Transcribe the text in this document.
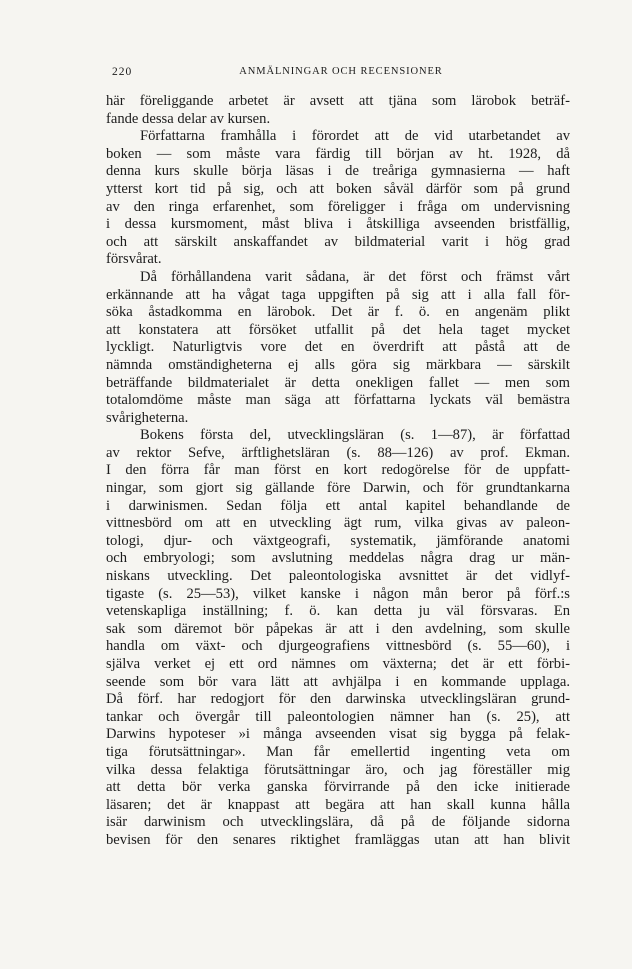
220	ANMÄLNINGAR OCH RECENSIONER
här föreliggande arbetet är avsett att tjäna som lärobok beträf-
fande dessa delar av kursen.
Författarna framhålla i förordet att de vid utarbetandet av
boken — som måste vara färdig till början av ht. 1928, då
denna kurs skulle börja läsas i de treåriga gymnasierna — haft
ytterst kort tid på sig, och att boken såväl därför som på grund
av den ringa erfarenhet, som föreligger i fråga om undervisning
i dessa kursmoment, måst bliva i åtskilliga avseenden bristfällig,
och att särskilt anskaffandet av bildmaterial varit i hög grad
försvårat.
Då förhållandena varit sådana, är det först och främst vårt
erkännande att ha vågat taga uppgiften på sig att i alla fall för-
söka åstadkomma en lärobok. Det är f. ö. en angenäm plikt
att konstatera att försöket utfallit på det hela taget mycket
lyckligt. Naturligtvis vore det en överdrift att påstå att de
nämnda omständigheterna ej alls göra sig märkbara — särskilt
beträffande bildmaterialet är detta onekligen fallet — men som
totalomdöme måste man säga att författarna lyckats väl bemästra
svårigheterna.
Bokens första del, utvecklingsläran (s. 1—87), är författad
av rektor Sefve, ärftlighetsläran (s. 88—126) av prof. Ekman.
I den förra får man först en kort redogörelse för de uppfatt-
ningar, som gjort sig gällande före Darwin, och för grundtankarna
i darwinismen. Sedan följa ett antal kapitel behandlande de
vittnesbörd om att en utveckling ägt rum, vilka givas av paleon-
tologi, djur- och växtgeografi, systematik, jämförande anatomi
och embryologi; som avslutning meddelas några drag ur män-
niskans utveckling. Det paleontologiska avsnittet är det vidlyf-
tigaste (s. 25—53), vilket kanske i någon mån beror på förf.:s
vetenskapliga inställning; f. ö. kan detta ju väl försvaras. En
sak som däremot bör påpekas är att i den avdelning, som skulle
handla om växt- och djurgeografiens vittnesbörd (s. 55—60), i
själva verket ej ett ord nämnes om växterna; det är ett förbi-
seende som bör vara lätt att avhjälpa i en kommande upplaga.
Då förf. har redogjort för den darwinska utvecklingsläran grund-
tankar och övergår till paleontologien nämner han (s. 25), att
Darwins hypoteser »i många avseenden visat sig bygga på felak-
tiga förutsättningar». Man får emellertid ingenting veta om
vilka dessa felaktiga förutsättningar äro, och jag föreställer mig
att detta bör verka ganska förvirrande på den icke initierade
läsaren; det är knappast att begära att han skall kunna hålla
isär darwinism och utvecklingslära, då på de följande sidorna
bevisen för den senares riktighet framläggas utan att han blivit
